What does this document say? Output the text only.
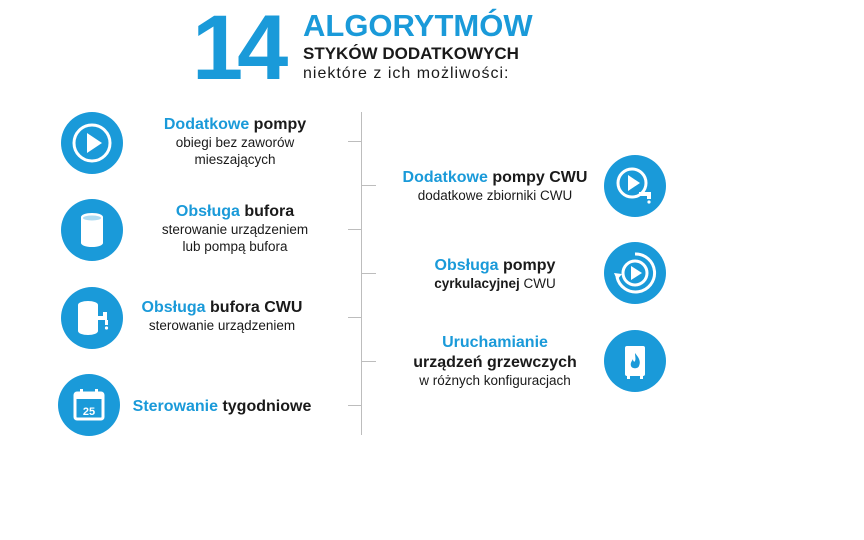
14 ALGORYTMÓW
STYKÓW DODATKOWYCH
niektóre z ich możliwości:
Dodatkowe pompy
obiegi bez zaworów
mieszających
Obsługa bufora
sterowanie urządzeniem
lub pompą bufora
Obsługa bufora CWU
sterowanie urządzeniem
25	Sterowanie tygodniowe
Dodatkowe pompy CWU
dodatkowe zbiorniki CWU
Obsługa pompy
cyrkulacyjnej CWU
Uruchamianie
urządzeń grzewczych
w różnych konfiguracjach
